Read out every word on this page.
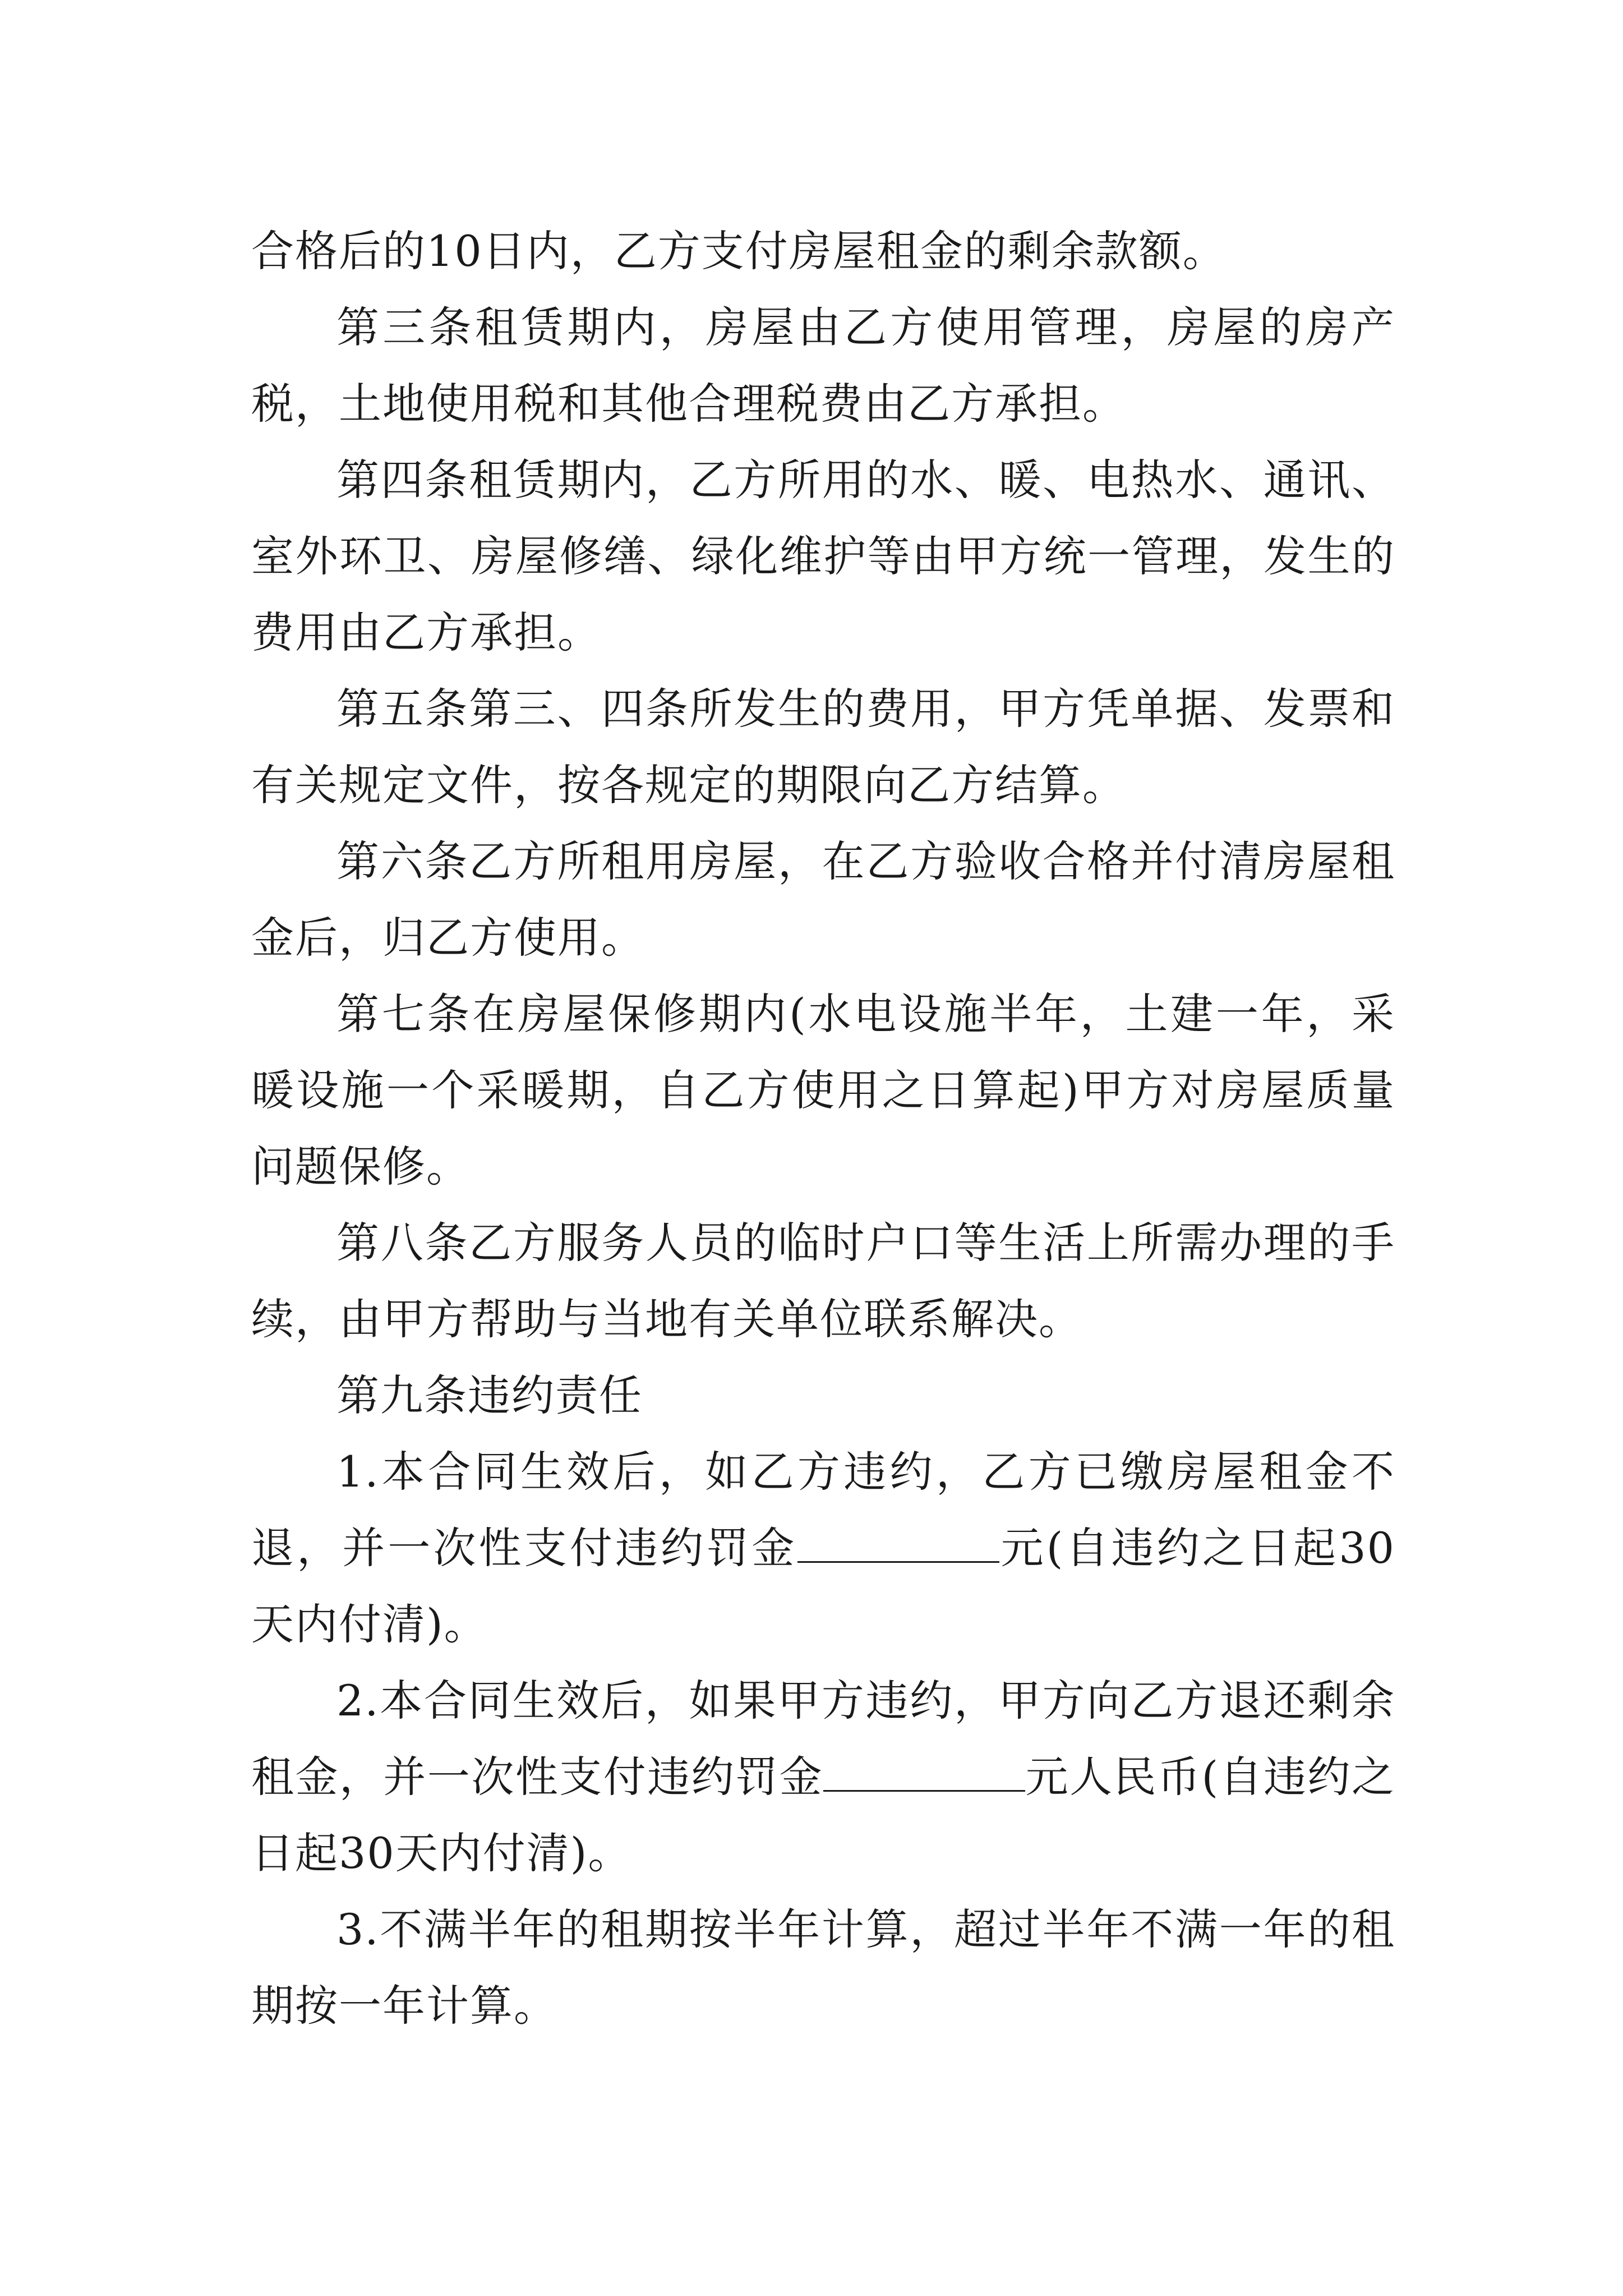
合格后的10日内，乙方支付房屋租金的剩余款额。

第三条租赁期内，房屋由乙方使用管理，房屋的房产税，土地使用税和其他合理税费由乙方承担。

第四条租赁期内，乙方所用的水、暖、电热水、通讯、室外环卫、房屋修缮、绿化维护等由甲方统一管理，发生的费用由乙方承担。

第五条第三、四条所发生的费用，甲方凭单据、发票和有关规定文件，按各规定的期限向乙方结算。

第六条乙方所租用房屋，在乙方验收合格并付清房屋租金后，归乙方使用。

第七条在房屋保修期内(水电设施半年，土建一年，采暖设施一个采暖期，自乙方使用之日算起)甲方对房屋质量问题保修。

第八条乙方服务人员的临时户口等生活上所需办理的手续，由甲方帮助与当地有关单位联系解决。

第九条违约责任

1.本合同生效后，如乙方违约，乙方已缴房屋租金不退，并一次性支付违约罚金	元(自违约之日起30天内付清)。

2.本合同生效后，如果甲方违约，甲方向乙方退还剩余租金，并一次性支付违约罚金	元人民币(自违约之日起30天内付清)。

3.不满半年的租期按半年计算，超过半年不满一年的租期按一年计算。
